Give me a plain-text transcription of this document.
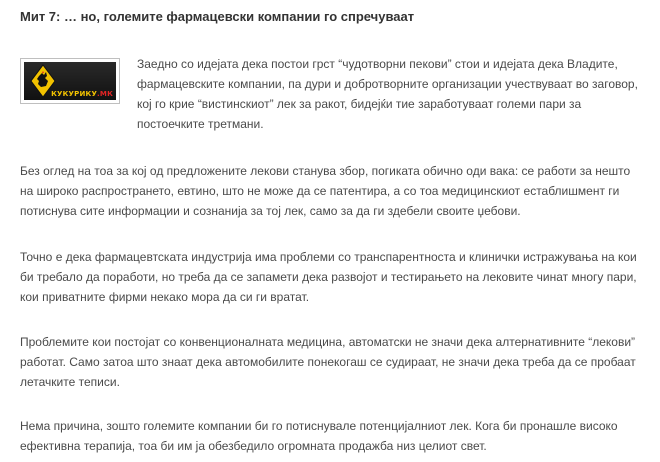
Мит 7: … но, големите фармацевски компании го спречуваат
КУКУРИКУ.МК

Заедно со идејата дека постои грст “чудотворни пекови” стои и идејата дека Владите, фармацевските компании, па дури и добротворните организации учествуваат во заговор, кој го крие “вистинскиот” лек за ракот, бидејќи тие заработуваат големи пари за постоечките третмани.

Без оглед на тоа за кој од предложените лекови станува збор, погиката обично оди вака: се работи за нешто на широко распространето, евтино, што не може да се патентира, а со тоа медицинскиот естаблишмент ги потиснува сите информации и сознанија за тој лек, само за да ги здебели своите џебови.

Точно е дека фармацевтската индустрија има проблеми со транспарентноста и клинички истражувања на кои би требало да поработи, но треба да се запамети дека развојот и тестирањето на лековите чинат многу пари, кои приватните фирми некако мора да си ги вратат.

Проблемите кои постојат со конвенционалната медицина, автоматски не значи дека алтернативните “лекови” работат. Само затоа што знаат дека автомобилите понекогаш се судираат, не значи дека треба да се пробаат летачките теписи.

Нема причина, зошто големите компании би го потиснувале потенцијалниот лек. Кога би пронашле високо ефективна терапија, тоа би им ја обезбедило огромната продажба низ целиот свет.
